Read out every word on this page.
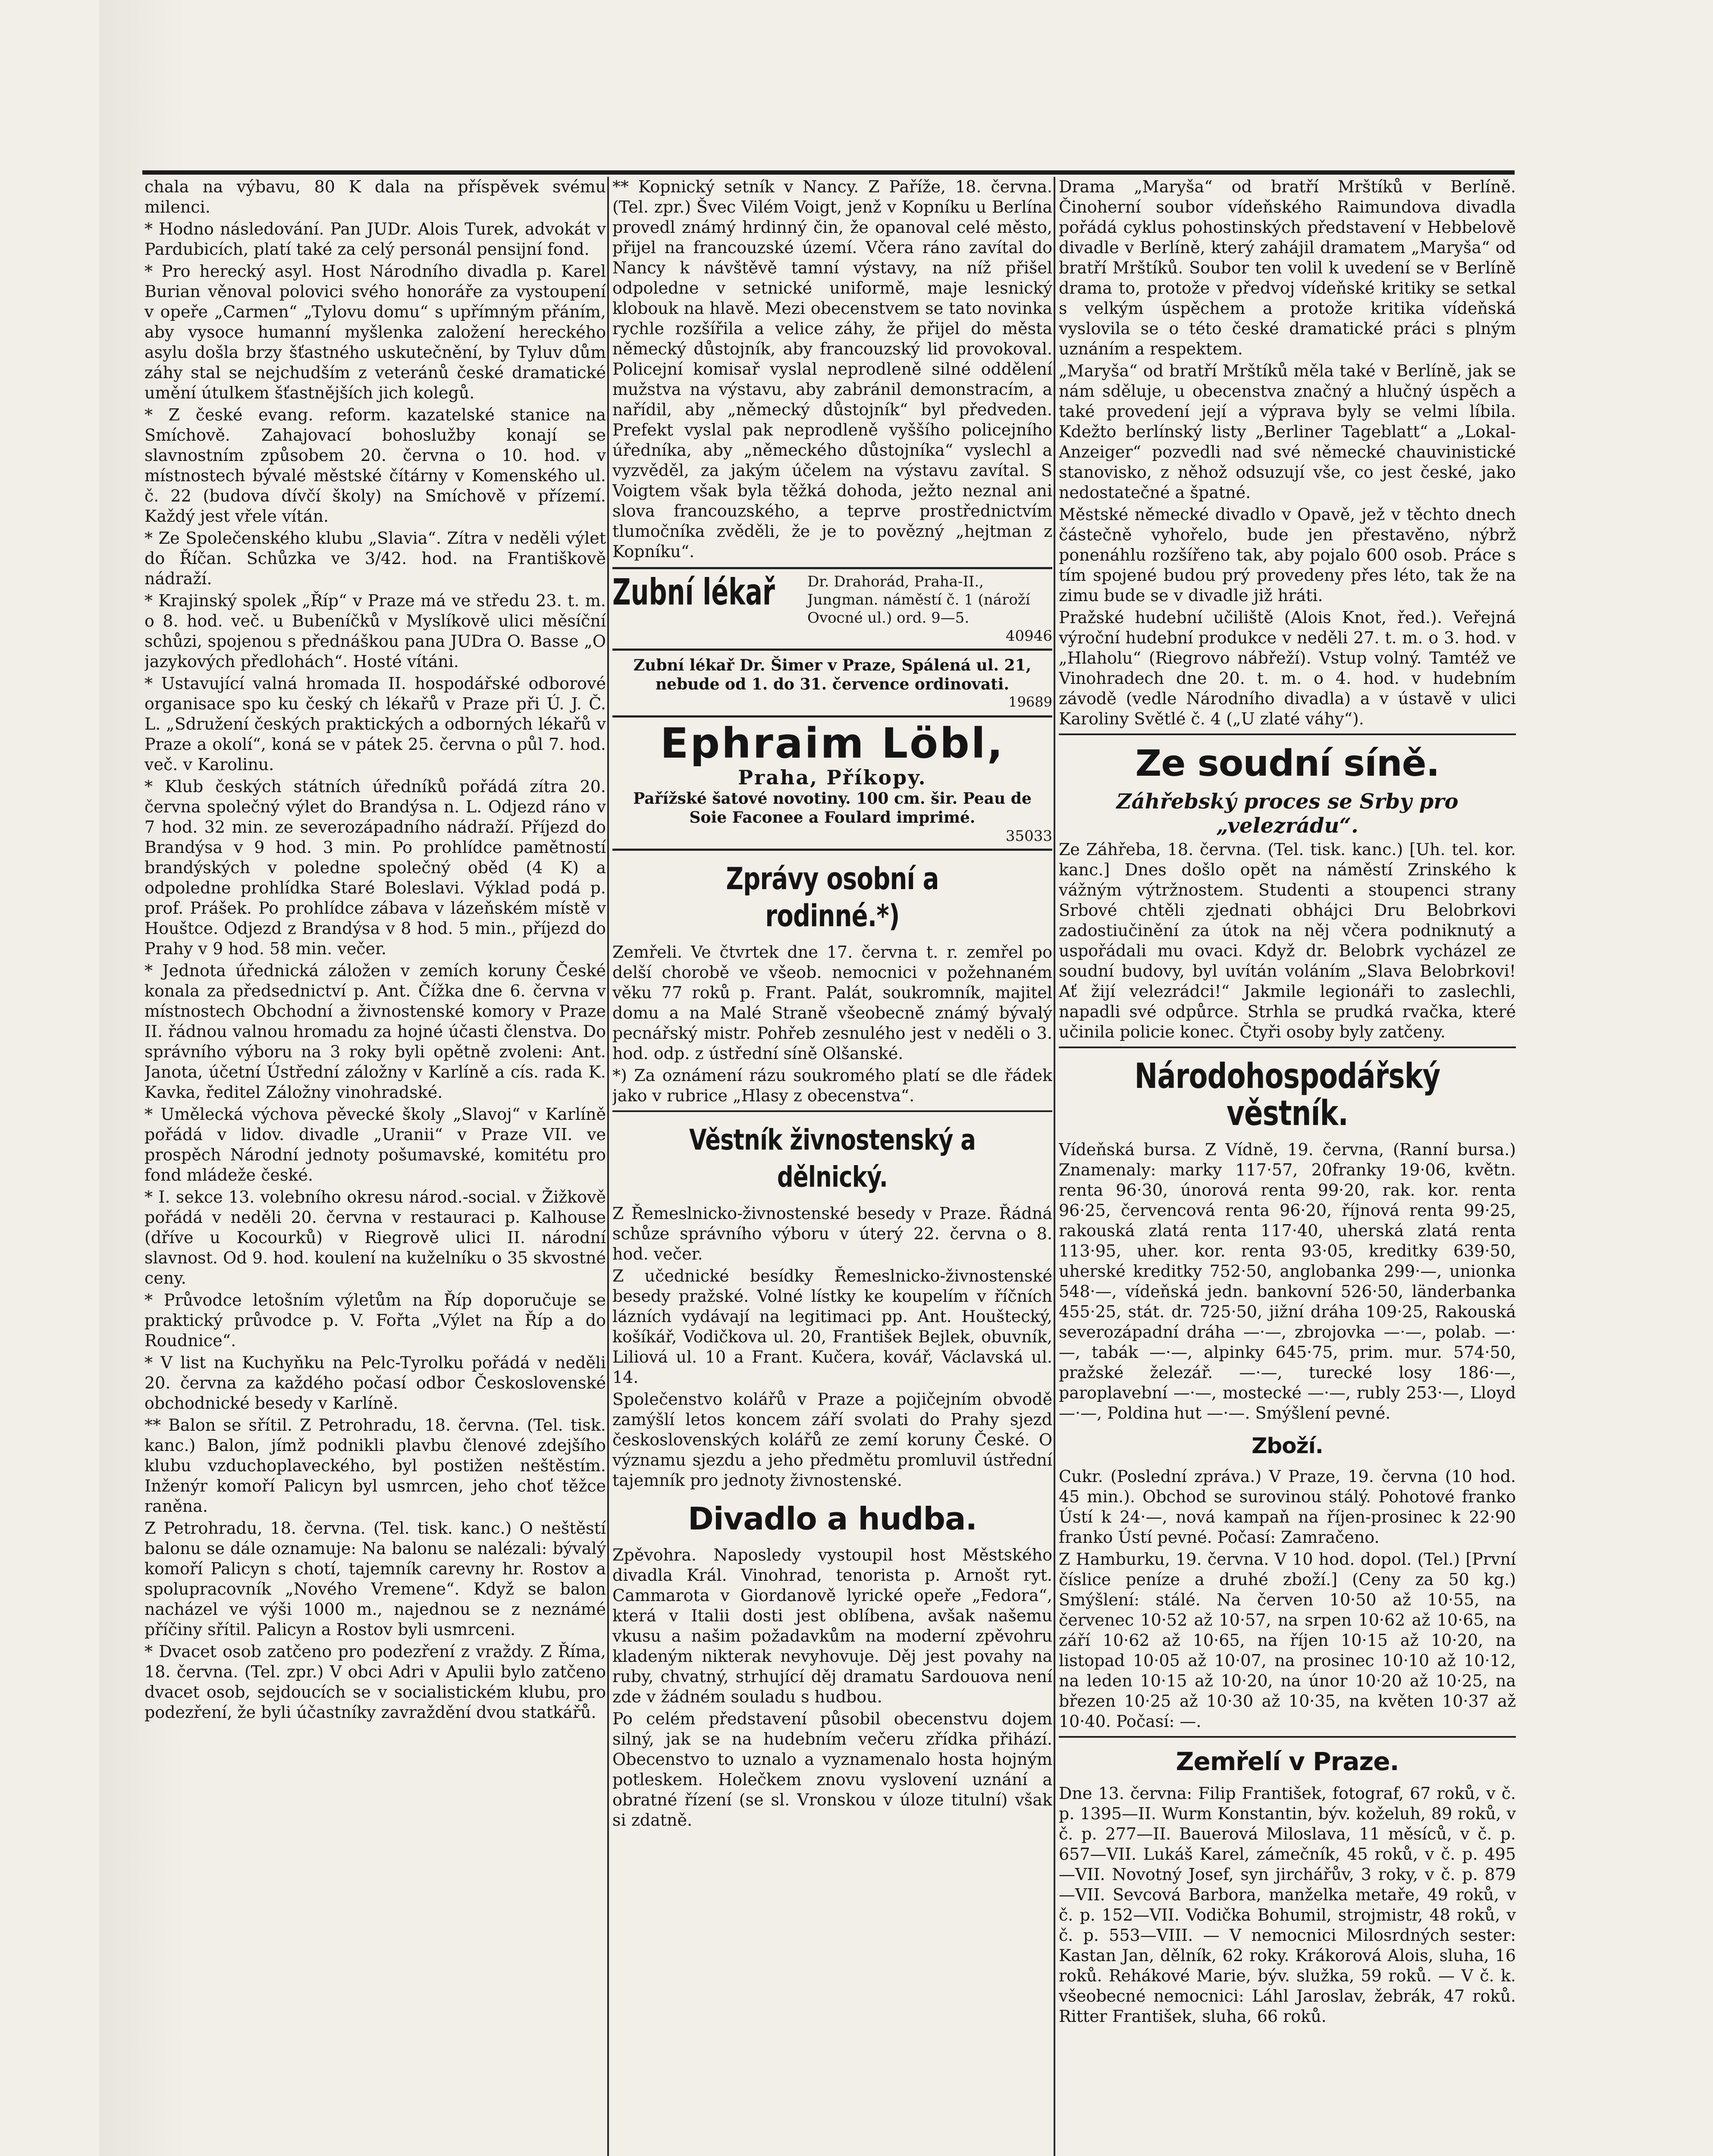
chala na výbavu, 80 K dala na příspěvek svému milenci.

* Hodno následování. Pan JUDr. Alois Turek, advokát v Pardubicích, platí také za celý personál pensijní fond.

* Pro herecký asyl. Host Národního divadla p. Karel Burian věnoval polovici svého honoráře za vystoupení v opeře „Carmen“ „Tylovu domu“ s upřímným přáním, aby vysoce humanní myšlenka založení hereckého asylu došla brzy šťastného uskutečnění, by Tyluv dům záhy stal se nejchudším z veteránů české dramatické umění útulkem šťastnějších jich kolegů.

* Z české evang. reform. kazatelské stanice na Smíchově. Zahajovací bohoslužby konají se slavnostním způsobem 20. června o 10. hod. v místnostech bývalé městské čítárny v Komenského ul. č. 22 (budova dívčí školy) na Smíchově v přízemí. Každý jest vřele vítán.

* Ze Společenského klubu „Slavia“. Zítra v neděli výlet do Říčan. Schůzka ve 3/42. hod. na Františkově nádraží.

* Krajinský spolek „Říp“ v Praze má ve středu 23. t. m. o 8. hod. več. u Bubeníčků v Myslíkově ulici měsíční schůzi, spojenou s přednáškou pana JUDra O. Basse „O jazykových předlohách“. Hosté vítáni.

* Ustavující valná hromada II. hospodářské odborové organisace spo ku český ch lékařů v Praze při Ú. J. Č. L. „Sdružení českých praktických a odborných lékařů v Praze a okolí“, koná se v pátek 25. června o půl 7. hod. več. v Karolinu.

* Klub českých státních úředníků pořádá zítra 20. června společný výlet do Brandýsa n. L. Odjezd ráno v 7 hod. 32 min. ze severozápadního nádraží. Příjezd do Brandýsa v 9 hod. 3 min. Po prohlídce pamětností brandýských v poledne společný oběd (4 K) a odpoledne prohlídka Staré Boleslavi. Výklad podá p. prof. Prášek. Po prohlídce zábava v lázeňském místě v Houštce. Odjezd z Brandýsa v 8 hod. 5 min., příjezd do Prahy v 9 hod. 58 min. večer.

* Jednota úřednická záložen v zemích koruny České konala za předsednictví p. Ant. Čížka dne 6. června v místnostech Obchodní a živnostenské komory v Praze II. řádnou valnou hromadu za hojné účasti členstva. Do správního výboru na 3 roky byli opětně zvoleni: Ant. Janota, účetní Ústřední záložny v Karlíně a cís. rada K. Kavka, ředitel Záložny vinohradské.

* Umělecká výchova pěvecké školy „Slavoj“ v Karlíně pořádá v lidov. divadle „Uranii“ v Praze VII. ve prospěch Národní jednoty pošumavské, komitétu pro fond mládeže české.

* I. sekce 13. volebního okresu národ.-social. v Žižkově pořádá v neděli 20. června v restauraci p. Kalhouse (dříve u Kocourků) v Riegrově ulici II. národní slavnost. Od 9. hod. koulení na kuželníku o 35 skvostné ceny.

* Průvodce letošním výletům na Říp doporučuje se praktický průvodce p. V. Fořta „Výlet na Říp a do Roudnice“.

* V list na Kuchyňku na Pelc-Tyrolku pořádá v neděli 20. června za každého počasí odbor Československé obchodnické besedy v Karlíně.

** Balon se sřítil. Z Petrohradu, 18. června. (Tel. tisk. kanc.) Balon, jímž podnikli plavbu členové zdejšího klubu vzduchoplaveckého, byl postižen neštěstím. Inženýr komoří Palicyn byl usmrcen, jeho choť těžce raněna.

Z Petrohradu, 18. června. (Tel. tisk. kanc.) O neštěstí balonu se dále oznamuje: Na balonu se nalézali: bývalý komoří Palicyn s chotí, tajemník carevny hr. Rostov a spolupracovník „Nového Vremene“. Když se balon nacházel ve výši 1000 m., najednou se z neznámé příčiny sřítil. Palicyn a Rostov byli usmrceni.

* Dvacet osob zatčeno pro podezření z vraždy. Z Říma, 18. června. (Tel. zpr.) V obci Adri v Apulii bylo zatčeno dvacet osob, sejdoucích se v socialistickém klubu, pro podezření, že byli účastníky zavraždění dvou statkářů.

** Kopnický setník v Nancy. Z Paříže, 18. června. (Tel. zpr.) Švec Vilém Voigt, jenž v Kopníku u Berlína provedl známý hrdinný čin, že opanoval celé město, přijel na francouzské území. Včera ráno zavítal do Nancy k návštěvě tamní výstavy, na níž přišel odpoledne v setnické uniformě, maje lesnický klobouk na hlavě. Mezi obecenstvem se tato novinka rychle rozšířila a velice záhy, že přijel do města německý důstojník, aby francouzský lid provokoval. Policejní komisař vyslal neprodleně silné oddělení mužstva na výstavu, aby zabránil demonstracím, a nařídil, aby „německý důstojník“ byl předveden. Prefekt vyslal pak neprodleně vyššího policejního úředníka, aby „německého důstojníka“ vyslechl a vyzvěděl, za jakým účelem na výstavu zavítal. S Voigtem však byla těžká dohoda, ježto neznal ani slova francouzského, a teprve prostřednictvím tlumočníka zvěděli, že je to povězný „hejtman z Kopníku“.

Zubní lékař Dr. Drahorád, Praha-II., Jungman. náměstí č. 1 (nároží Ovocné ul.) ord. 9—5.
40946
Zubní lékař Dr. Šimer v Praze, Spálená ul. 21, nebude od 1. do 31. července ordinovati.
19689
Ephraim Löbl,
Praha, Příkopy.
Pařížské šatové novotiny. 100 cm. šir. Peau de Soie Faconee a Foulard imprimé.
35033
Zprávy osobní a rodinné.*)

Zemřeli. Ve čtvrtek dne 17. června t. r. zemřel po delší chorobě ve všeob. nemocnici v požehnaném věku 77 roků p. Frant. Palát, soukromník, majitel domu a na Malé Straně všeobecně známý bývalý pecnářský mistr. Pohřeb zesnulého jest v neděli o 3. hod. odp. z ústřední síně Olšanské.

*) Za oznámení rázu soukromého platí se dle řádek jako v rubrice „Hlasy z obecenstva“.

Věstník živnostenský a dělnický.

Z Řemeslnicko-živnostenské besedy v Praze. Řádná schůze správního výboru v úterý 22. června o 8. hod. večer.

Z učednické besídky Řemeslnicko-živnostenské besedy pražské. Volné lístky ke koupelím v říčních lázních vydávají na legitimaci pp. Ant. Houštecký, košíkář, Vodičkova ul. 20, František Bejlek, obuvník, Liliová ul. 10 a Frant. Kučera, kovář, Václavská ul. 14.

Společenstvo kolářů v Praze a pojičejním obvodě zamýšlí letos koncem září svolati do Prahy sjezd československých kolářů ze zemí koruny České. O významu sjezdu a jeho předmětu promluvil ústřední tajemník pro jednoty živnostenské.

Divadlo a hudba.

Zpěvohra. Naposledy vystoupil host Městského divadla Král. Vinohrad, tenorista p. Arnošt ryt. Cammarota v Giordanově lyrické opeře „Fedora“, která v Italii dosti jest oblíbena, avšak našemu vkusu a našim požadavkům na moderní zpěvohru kladeným nikterak nevyhovuje. Děj jest povahy na ruby, chvatný, strhující děj dramatu Sardouova není zde v žádném souladu s hudbou.

Po celém představení působil obecenstvu dojem silný, jak se na hudebním večeru zřídka přihází. Obecenstvo to uznalo a vyznamenalo hosta hojným potleskem. Holečkem znovu vyslovení uznání a obratné řízení (se sl. Vronskou v úloze titulní) však si zdatně.

Drama „Maryša“ od bratří Mrštíků v Berlíně. Činoherní soubor vídeňského Raimundova divadla pořádá cyklus pohostinských představení v Hebbelově divadle v Berlíně, který zahájil dramatem „Maryša“ od bratří Mrštíků. Soubor ten volil k uvedení se v Berlíně drama to, protože v předvoj vídeňské kritiky se setkal s velkým úspěchem a protože kritika vídeňská vyslovila se o této české dramatické práci s plným uznáním a respektem.

„Maryša“ od bratří Mrštíků měla také v Berlíně, jak se nám sděluje, u obecenstva značný a hlučný úspěch a také provedení její a výprava byly se velmi líbila. Kdežto berlínský listy „Berliner Tageblatt“ a „Lokal-Anzeiger“ pozvedli nad své německé chauvinistické stanovisko, z něhož odsuzují vše, co jest české, jako nedostatečné a špatné.

Městské německé divadlo v Opavě, jež v těchto dnech částečně vyhořelo, bude jen přestavěno, nýbrž ponenáhlu rozšířeno tak, aby pojalo 600 osob. Práce s tím spojené budou prý provedeny přes léto, tak že na zimu bude se v divadle již hráti.

Pražské hudební učiliště (Alois Knot, řed.). Veřejná výroční hudební produkce v neděli 27. t. m. o 3. hod. v „Hlaholu“ (Riegrovo nábřeží). Vstup volný. Tamtéž ve Vinohradech dne 20. t. m. o 4. hod. v hudebním závodě (vedle Národního divadla) a v ústavě v ulici Karoliny Světlé č. 4 („U zlaté váhy“).

Ze soudní síně.
Záhřebský proces se Srby pro „velezrádu“.

Ze Záhřeba, 18. června. (Tel. tisk. kanc.) [Uh. tel. kor. kanc.] Dnes došlo opět na náměstí Zrinského k vážným výtržnostem. Studenti a stoupenci strany Srbové chtěli zjednati obhájci Dru Belobrkovi zadostiučinění za útok na něj včera podniknutý a uspořádali mu ovaci. Když dr. Belobrk vycházel ze soudní budovy, byl uvítán voláním „Slava Belobrkovi! Ať žijí velezrádci!“ Jakmile legionáři to zaslechli, napadli své odpůrce. Strhla se prudká rvačka, které učinila policie konec. Čtyři osoby byly zatčeny.

Národohospodářský věstník.

Vídeňská bursa. Z Vídně, 19. června, (Ranní bursa.) Znamenaly: marky 117·57, 20franky 19·06, květn. renta 96·30, únorová renta 99·20, rak. kor. renta 96·25, červencová renta 96·20, říjnová renta 99·25, rakouská zlatá renta 117·40, uherská zlatá renta 113·95, uher. kor. renta 93·05, kreditky 639·50, uherské kreditky 752·50, anglobanka 299·—, unionka 548·—, vídeňská jedn. bankovní 526·50, länderbanka 455·25, stát. dr. 725·50, jižní dráha 109·25, Rakouská severozápadní dráha —·—, zbrojovka —·—, polab. —·—, tabák —·—, alpinky 645·75, prim. mur. 574·50, pražské železář. —·—, turecké losy 186·—, paroplavební —·—, mostecké —·—, rubly 253·—, Lloyd —·—, Poldina hut —·—. Smýšlení pevné.

Zboží.

Cukr. (Poslední zpráva.) V Praze, 19. června (10 hod. 45 min.). Obchod se surovinou stálý. Pohotové franko Ústí k 24·—, nová kampaň na říjen-prosinec k 22·90 franko Ústí pevné. Počasí: Zamračeno.

Z Hamburku, 19. června. V 10 hod. dopol. (Tel.) [První číslice peníze a druhé zboží.] (Ceny za 50 kg.) Smýšlení: stálé. Na červen 10·50 až 10·55, na červenec 10·52 až 10·57, na srpen 10·62 až 10·65, na září 10·62 až 10·65, na říjen 10·15 až 10·20, na listopad 10·05 až 10·07, na prosinec 10·10 až 10·12, na leden 10·15 až 10·20, na únor 10·20 až 10·25, na březen 10·25 až 10·30 až 10·35, na květen 10·37 až 10·40. Počasí: —.

Zemřelí v Praze.

Dne 13. června: Filip František, fotograf, 67 roků, v č. p. 1395—II. Wurm Konstantin, býv. koželuh, 89 roků, v č. p. 277—II. Bauerová Miloslava, 11 měsíců, v č. p. 657—VII. Lukáš Karel, zámečník, 45 roků, v č. p. 495—VII. Novotný Josef, syn jirchářův, 3 roky, v č. p. 879—VII. Sevcová Barbora, manželka metaře, 49 roků, v č. p. 152—VII. Vodička Bohumil, strojmistr, 48 roků, v č. p. 553—VIII. — V nemocnici Milosrdných sester: Kastan Jan, dělník, 62 roky. Krákorová Alois, sluha, 16 roků. Rehákové Marie, býv. služka, 59 roků. — V č. k. všeobecné nemocnici: Láhl Jaroslav, žebrák, 47 roků. Ritter František, sluha, 66 roků.
